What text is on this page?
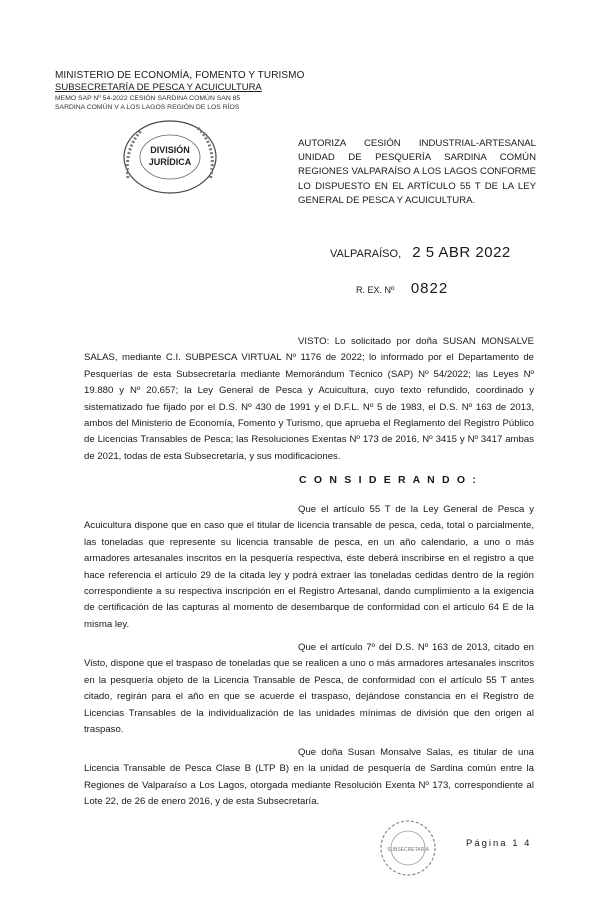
MINISTERIO DE ECONOMÍA, FOMENTO Y TURISMO
SUBSECRETARÍA DE PESCA Y ACUICULTURA
MEMO SAP Nº 54-2022 CESIÓN SARDINA COMÚN SAN 85
SARDINA COMÚN V A LOS LAGOS REGIÓN DE LOS RÍOS
DIVISIÓN
JURÍDICA
AUTORIZA CESIÓN INDUSTRIAL-ARTESANAL UNIDAD DE PESQUERÍA SARDINA COMÚN REGIONES VALPARAÍSO A LOS LAGOS CONFORME LO DISPUESTO EN EL ARTÍCULO 55 T DE LA LEY GENERAL DE PESCA Y ACUICULTURA.
VALPARAÍSO, 2 5 ABR 2022
R. EX. Nº 0822
VISTO: Lo solicitado por doña SUSAN MONSALVE SALAS, mediante C.I. SUBPESCA VIRTUAL Nº 1176 de 2022; lo informado por el Departamento de Pesquerías de esta Subsecretaría mediante Memorándum Técnico (SAP) Nº 54/2022; las Leyes Nº 19.880 y Nº 20.657; la Ley General de Pesca y Acuicultura, cuyo texto refundido, coordinado y sistematizado fue fijado por el D.S. Nº 430 de 1991 y el D.F.L. Nº 5 de 1983, el D.S. Nº 163 de 2013, ambos del Ministerio de Economía, Fomento y Turismo, que aprueba el Reglamento del Registro Público de Licencias Transables de Pesca; las Resoluciones Exentas Nº 173 de 2016, Nº 3415 y Nº 3417 ambas de 2021, todas de esta Subsecretaría, y sus modificaciones.
C O N S I D E R A N D O :
Que el artículo 55 T de la Ley General de Pesca y Acuicultura dispone que en caso que el titular de licencia transable de pesca, ceda, total o parcialmente, las toneladas que represente su licencia transable de pesca, en un año calendario, a uno o más armadores artesanales inscritos en la pesquería respectiva, éste deberá inscribirse en el registro a que hace referencia el artículo 29 de la citada ley y podrá extraer las toneladas cedidas dentro de la región correspondiente a su respectiva inscripción en el Registro Artesanal, dando cumplimiento a la exigencia de certificación de las capturas al momento de desembarque de conformidad con el artículo 64 E de la misma ley.
Que el artículo 7º del D.S. Nº 163 de 2013, citado en Visto, dispone que el traspaso de toneladas que se realicen a uno o más armadores artesanales inscritos en la pesquería objeto de la Licencia Transable de Pesca, de conformidad con el artículo 55 T antes citado, regirán para el año en que se acuerde el traspaso, dejándose constancia en el Registro de Licencias Transables de la individualización de las unidades mínimas de división que den origen al traspaso.
Que doña Susan Monsalve Salas, es titular de una Licencia Transable de Pesca Clase B (LTP B) en la unidad de pesquería de Sardina común entre la Regiones de Valparaíso a Los Lagos, otorgada mediante Resolución Exenta Nº 173, correspondiente al Lote 22, de 26 de enero 2016, y de esta Subsecretaría.
SUBSECRETARÍA
Página 1 4
